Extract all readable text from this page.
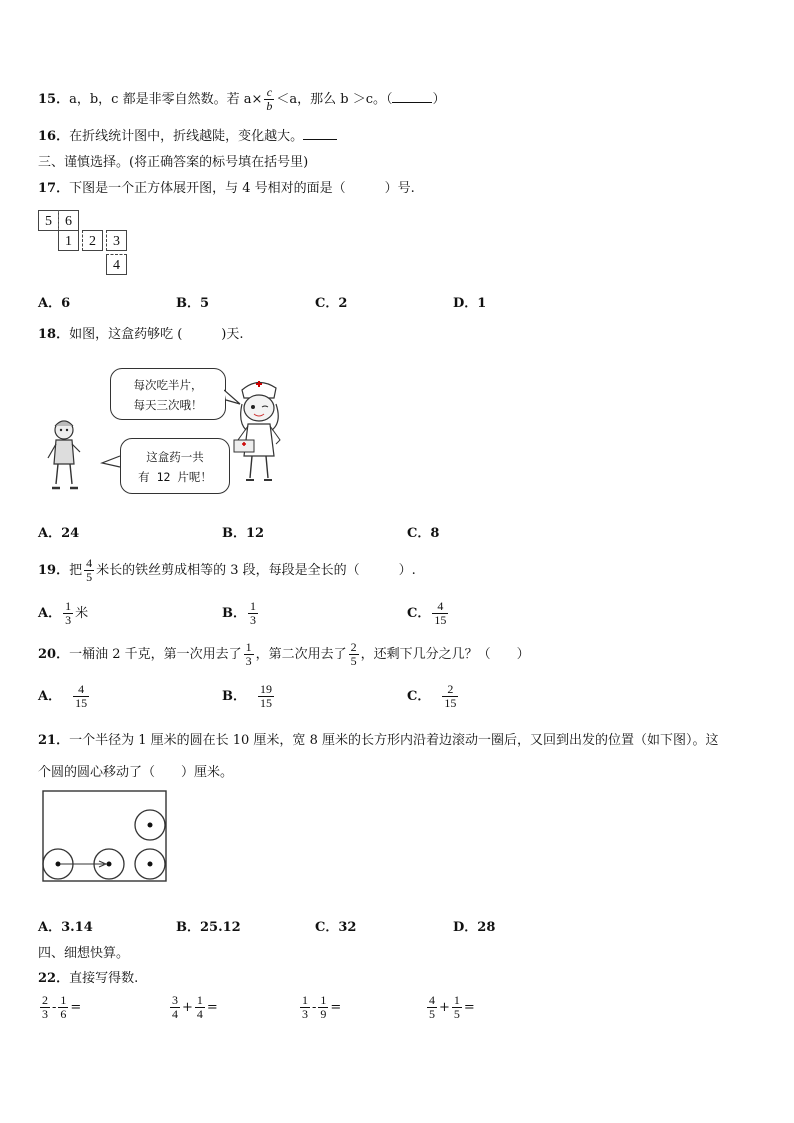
15．a，b，c 都是非零自然数。若 $a\times \frac{c}{b} <a$，那么 b ＞c。（	）
16．在折线统计图中，折线越陡，变化越大。
三、谨慎选择。(将正确答案的标号填在括号里)
17．下图是一个正方体展开图，与 4 号相对的面是（　　　）号.
5 6
1	2	3
4
A．6	B．5	C．2	D．1
18．如图，这盒药够吃 (　　　)天.
每次吃半片，
每天三次哦！
这盒药一共
有 12 片呢！
A．24	B．12	C．8
19．把 $\frac{4}{5}$ 米长的铁丝剪成相等的 3 段，每段是全长的（　　　）.
A． $\frac{1}{3}$ 米	B． $\frac{1}{3}$	C． $\frac{4}{15}$
20．一桶油 2 千克，第一次用去了 $\frac{1}{3}$ ，第二次用去了 $\frac{2}{5}$ ，还剩下几分之几？（　　）
A． $\frac{4}{15}$	B． $\frac{19}{15}$	C． $\frac{2}{15}$
21．一个半径为 1 厘米的圆在长 10 厘米，宽 8 厘米的长方形内沿着边滚动一圈后，又回到出发的位置（如下图）。这
个圆的圆心移动了（　　）厘米。
A．3.14	B．25.12	C．32	D．28
四、细想快算。
22．直接写得数.
$\frac{2}{3} - \frac{1}{6}$ =	$\frac{3}{4} + \frac{1}{4}$ =	$\frac{1}{3} - \frac{1}{9}$ =	$\frac{4}{5} + \frac{1}{5}$ =
